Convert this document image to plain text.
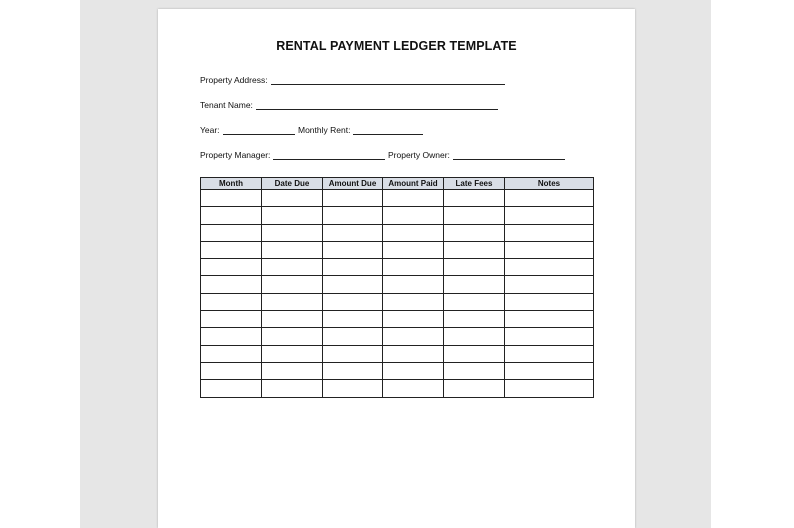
RENTAL PAYMENT LEDGER TEMPLATE
Property Address:
Tenant Name:
Year:	Monthly Rent:
Property Manager:	Property Owner:
Month	Date Due	Amount Due	Amount Paid	Late Fees	Notes
